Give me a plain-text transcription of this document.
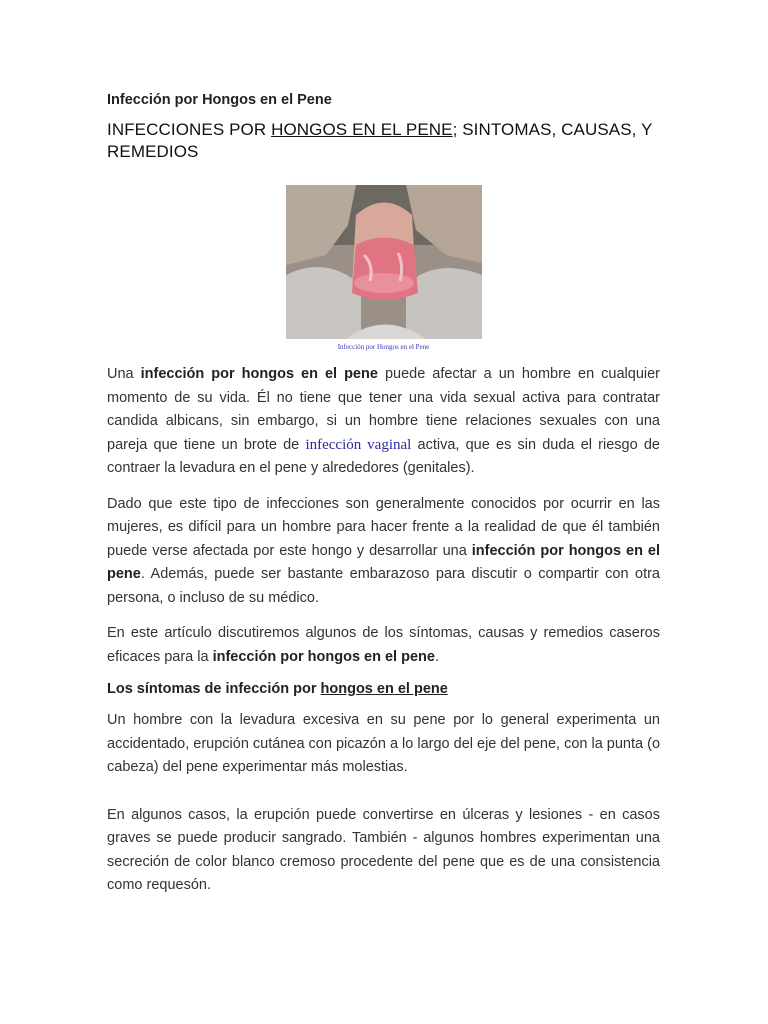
Infección por Hongos en el Pene
INFECCIONES POR HONGOS EN EL PENE; SINTOMAS, CAUSAS, Y REMEDIOS
Infección por Hongos en el Pene

Una infección por hongos en el pene puede afectar a un hombre en cualquier momento de su vida. Él no tiene que tener una vida sexual activa para contratar candida albicans, sin embargo, si un hombre tiene relaciones sexuales con una pareja que tiene un brote de infección vaginal activa, que es sin duda el riesgo de contraer la levadura en el pene y alrededores (genitales).

Dado que este tipo de infecciones son generalmente conocidos por ocurrir en las mujeres, es difícil para un hombre para hacer frente a la realidad de que él también puede verse afectada por este hongo y desarrollar una infección por hongos en el pene. Además, puede ser bastante embarazoso para discutir o compartir con otra persona, o incluso de su médico.

En este artículo discutiremos algunos de los síntomas, causas y remedios caseros eficaces para la infección por hongos en el pene.

Los síntomas de infección por hongos en el pene

Un hombre con la levadura excesiva en su pene por lo general experimenta un accidentado, erupción cutánea con picazón a lo largo del eje del pene, con la punta (o cabeza) del pene experimentar más molestias.

En algunos casos, la erupción puede convertirse en úlceras y lesiones - en casos graves se puede producir sangrado. También - algunos hombres experimentan una secreción de color blanco cremoso procedente del pene que es de una consistencia como requesón.
